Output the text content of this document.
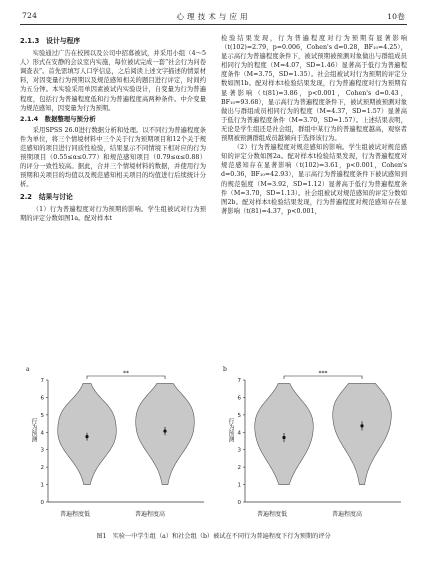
724	心理技术与应用	10卷
2.1.3　设计与程序

实验通过广告在校园以及公司中招募被试，并采用小组（4～5人）形式在安静的会议室内实施，每位被试完成一套“社会行为问卷调查表”。首先需填写人口学信息，之后阅读上述文字描述的情景材料，对因变量行为预期以及规范感知相关的题目进行评定，时间约为五分钟。本实验采用单因素被试内实验设计，自变量为行为普遍程度，包括行为普遍程度低和行为普遍程度高两种条件。中介变量为规范感知，因变量为行为预期。

2.1.4　数据整理与预分析

采用SPSS 26.0进行数据分析和处理。以不同行为普遍程度条件为单位，将三个情境材料中三个关于行为预期项目和12个关于规范感知的项目进行同质性检验，结果显示不同情境下相对应的行为预期项目（0.55≤α≤0.77）和规范感知项目（0.79≤α≤0.88）的评分一致性较高。据此，合并三个情境材料的数据，并使用行为预期和关项目的均值以及规范感知相关项目的均值进行后续统计分析。

2.2　结果与讨论

（1）行为普遍程度对行为预期的影响。学生组被试对行为预期的评定分数如图1a。配对样本t

检验结果发现，行为普遍程度对行为预期有显著影响（t(102)=2.79，p=0.006，Cohen's d=0.28，BF₁₀=4.25），显示高行为普遍程度条件下，被试预期被预测对象做出与群组成员相同行为的程度（M=4.07，SD=1.46）显著高于低行为普遍程度条件（M=3.75，SD=1.35）。社会组被试对行为预期的评定分数如图1b。配对样本t检验结果发现，行为普遍程度对行为预期有显著影响（t(81)=3.86，p<0.001，Cohen's d=0.43，BF₁₀=93.68），显示高行为普遍程度条件下，被试预期被预测对象做出与群组成员相同行为的程度（M=4.37，SD=1.57）显著高于低行为普遍程度条件（M=3.70，SD=1.57）。上述结果表明，无论是学生组还是社会组，群组中某行为的普遍程度越高，观察者预期被预测群组成员越倾向于选择该行为。

（2）行为普遍程度对规范感知的影响。学生组被试对规范感知的评定分数如图2a。配对样本t检验结果发现，行为普遍程度对规范感知存在显著影响（t(102)=3.61，p<0.001，Cohen's d=0.36，BF₁₀=42.93），显示高行为普遍程度条件下被试感知到的规范强度（M=3.92，SD=1.12）显著高于低行为普遍程度条件（M=3.70，SD=1.13）。社会组被试对规范感知的评定分数如图2b。配对样本t检验结果发现，行为普遍程度对规范感知存在显著影响（t(81)=4.37，p<0.001，

0
1
2
3
4
5
6
7
**
a
行为预测
普遍程度低	普遍程度高
0
1
2
3
4
5
6
7
***
b
行为预测
普遍程度低	普遍程度高
图1　实验一中学生组（a）和社会组（b）被试在不同行为普遍程度下行为预期的评分
